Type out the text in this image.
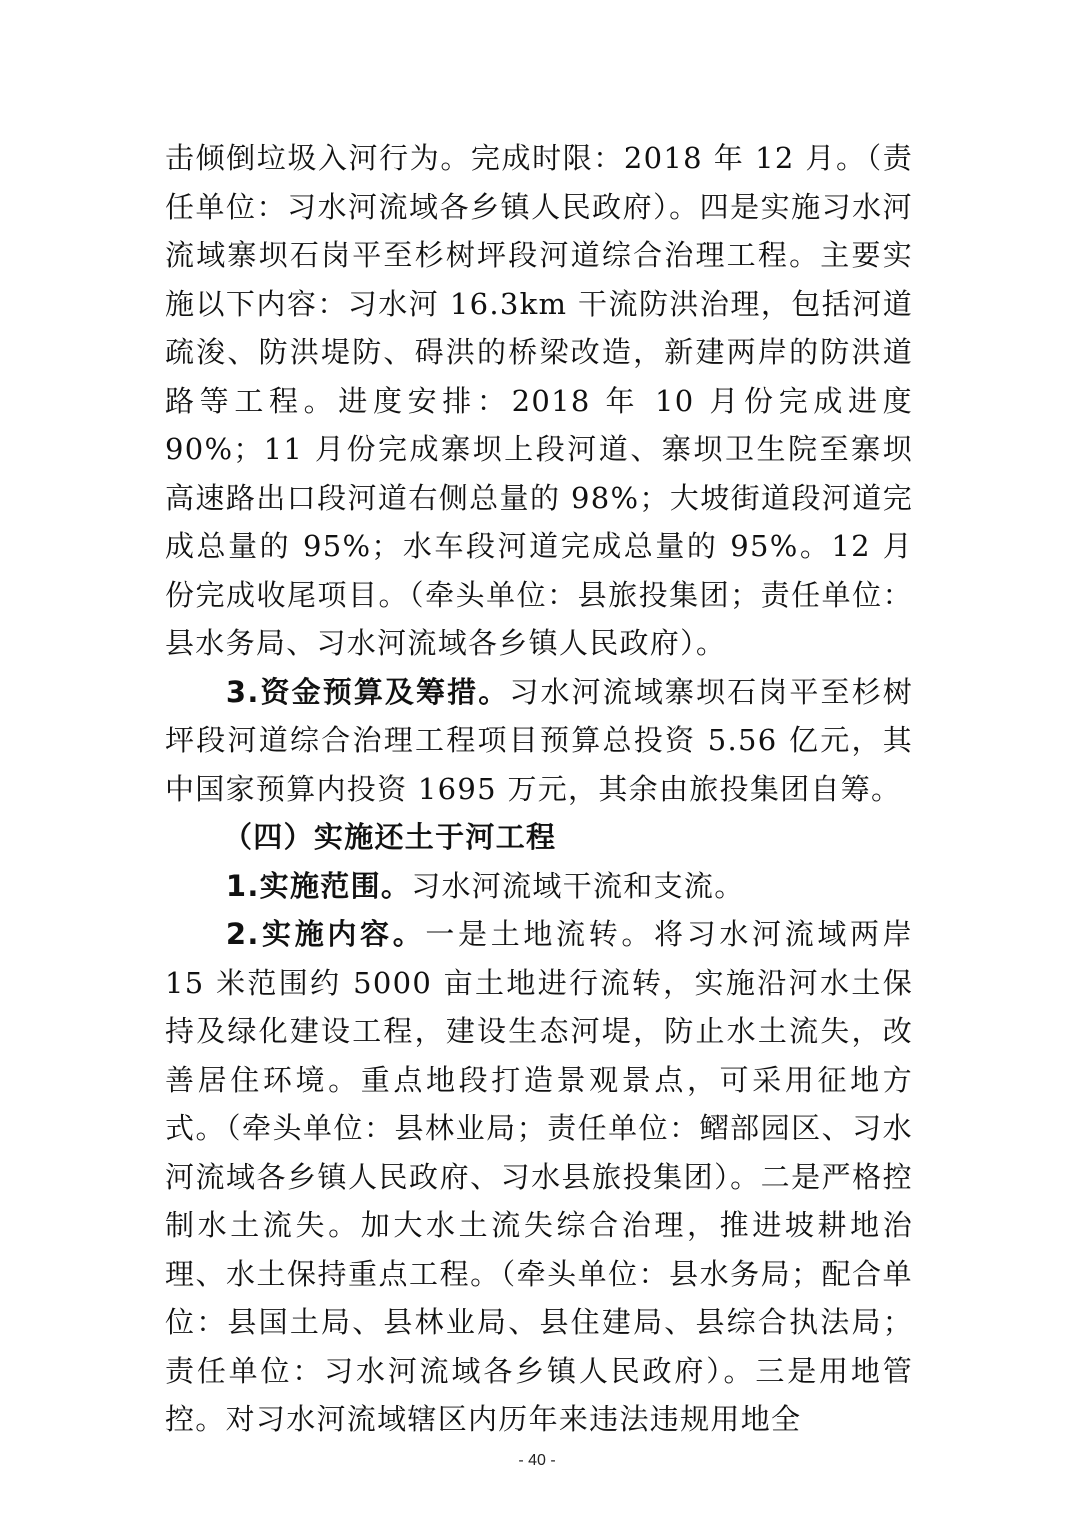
击倾倒垃圾入河行为。完成时限：2018 年 12 月。（责任单位：习水河流域各乡镇人民政府）。四是实施习水河流域寨坝石岗平至杉树坪段河道综合治理工程。主要实施以下内容：习水河 16.3km 干流防洪治理，包括河道疏浚、防洪堤防、碍洪的桥梁改造，新建两岸的防洪道路等工程。进度安排：2018 年 10 月份完成进度 90%；11 月份完成寨坝上段河道、寨坝卫生院至寨坝高速路出口段河道右侧总量的 98%；大坡街道段河道完成总量的 95%；水车段河道完成总量的 95%。12 月份完成收尾项目。（牵头单位：县旅投集团；责任单位：县水务局、习水河流域各乡镇人民政府）。

3.资金预算及筹措。习水河流域寨坝石岗平至杉树坪段河道综合治理工程项目预算总投资 5.56 亿元，其中国家预算内投资 1695 万元，其余由旅投集团自筹。

（四）实施还土于河工程

1.实施范围。习水河流域干流和支流。

2.实施内容。一是土地流转。将习水河流域两岸 15 米范围约 5000 亩土地进行流转，实施沿河水土保持及绿化建设工程，建设生态河堤，防止水土流失，改善居住环境。重点地段打造景观景点，可采用征地方式。（牵头单位：县林业局；责任单位：鳛部园区、习水河流域各乡镇人民政府、习水县旅投集团）。二是严格控制水土流失。加大水土流失综合治理，推进坡耕地治理、水土保持重点工程。（牵头单位：县水务局；配合单位：县国土局、县林业局、县住建局、县综合执法局；责任单位：习水河流域各乡镇人民政府）。三是用地管控。对习水河流域辖区内历年来违法违规用地全

- 40 -
